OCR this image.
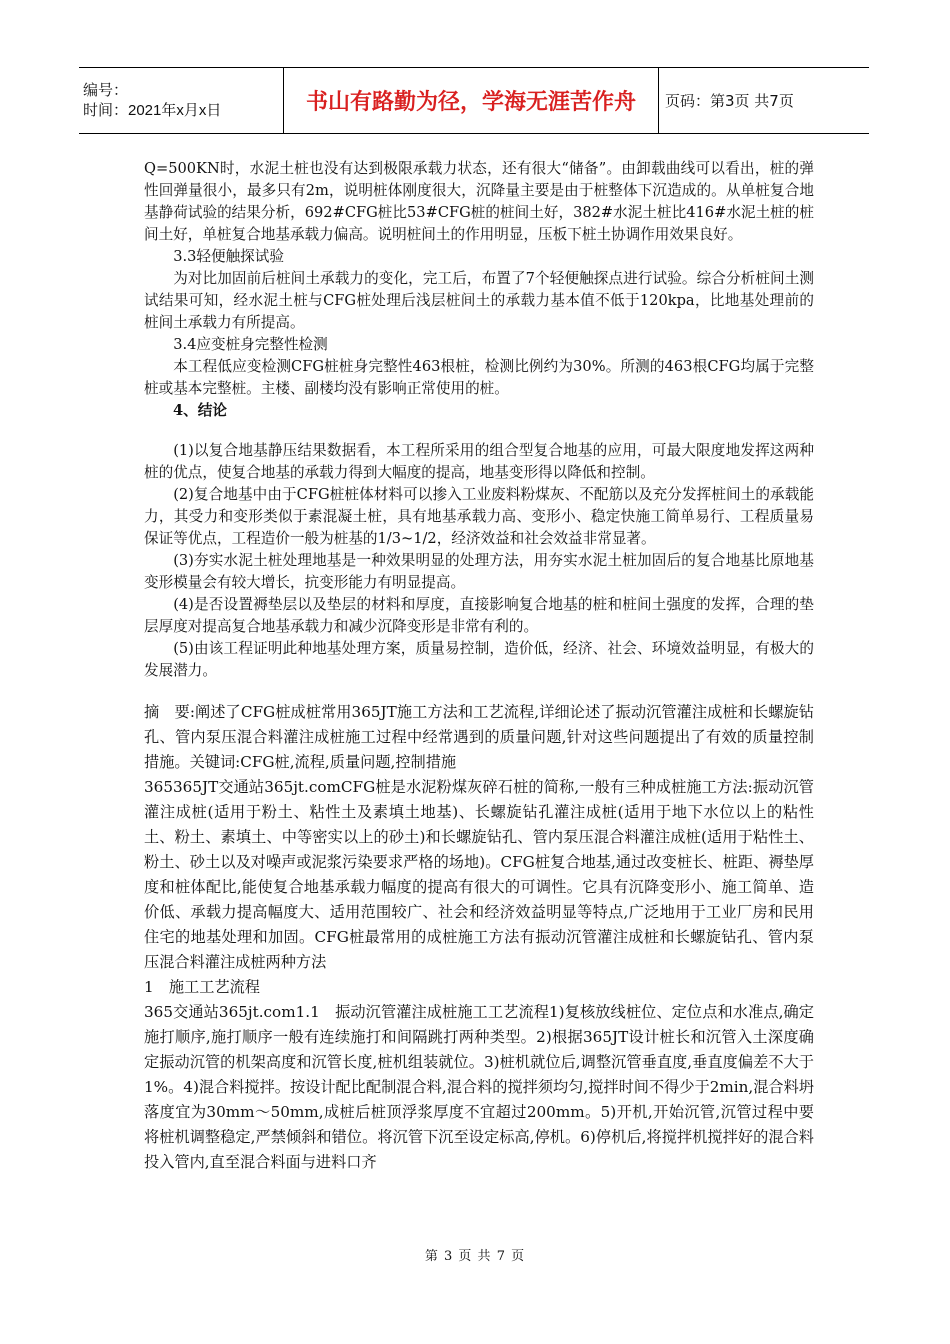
编号：
时间：2021年x月x日	书山有路勤为径，学海无涯苦作舟 页码：第3页 共7页

Q=500KN时，水泥土桩也没有达到极限承载力状态，还有很大“储备”。由卸载曲线可以看出，桩的弹性回弹量很小，最多只有2m，说明桩体刚度很大，沉降量主要是由于桩整体下沉造成的。从单桩复合地基静荷试验的结果分析，692#CFG桩比53#CFG桩的桩间土好，382#水泥土桩比416#水泥土桩的桩间土好，单桩复合地基承载力偏高。说明桩间土的作用明显，压板下桩土协调作用效果良好。

3.3轻便触探试验

为对比加固前后桩间土承载力的变化，完工后，布置了7个轻便触探点进行试验。综合分析桩间土测试结果可知，经水泥土桩与CFG桩处理后浅层桩间土的承载力基本值不低于120kpa，比地基处理前的桩间土承载力有所提高。

3.4应变桩身完整性检测

本工程低应变检测CFG桩桩身完整性463根桩，检测比例约为30%。所测的463根CFG均属于完整桩或基本完整桩。主楼、副楼均没有影响正常使用的桩。

4、结论

(1)以复合地基静压结果数据看，本工程所采用的组合型复合地基的应用，可最大限度地发挥这两种桩的优点，使复合地基的承载力得到大幅度的提高，地基变形得以降低和控制。

(2)复合地基中由于CFG桩桩体材料可以掺入工业废料粉煤灰、不配筋以及充分发挥桩间土的承载能力，其受力和变形类似于素混凝土桩，具有地基承载力高、变形小、稳定快施工简单易行、工程质量易保证等优点，工程造价一般为桩基的1/3~1/2，经济效益和社会效益非常显著。

(3)夯实水泥土桩处理地基是一种效果明显的处理方法，用夯实水泥土桩加固后的复合地基比原地基变形模量会有较大增长，抗变形能力有明显提高。

(4)是否设置褥垫层以及垫层的材料和厚度，直接影响复合地基的桩和桩间土强度的发挥，合理的垫层厚度对提高复合地基承载力和减少沉降变形是非常有利的。

(5)由该工程证明此种地基处理方案，质量易控制，造价低，经济、社会、环境效益明显，有极大的发展潜力。

摘　要:阐述了CFG桩成桩常用365JT施工方法和工艺流程,详细论述了振动沉管灌注成桩和长螺旋钻孔、管内泵压混合料灌注成桩施工过程中经常遇到的质量问题,针对这些问题提出了有效的质量控制措施。关键词:CFG桩,流程,质量问题,控制措施

365365JT交通站365jt.comCFG桩是水泥粉煤灰碎石桩的简称,一般有三种成桩施工方法:振动沉管灌注成桩(适用于粉土、粘性土及素填土地基)、长螺旋钻孔灌注成桩(适用于地下水位以上的粘性土、粉土、素填土、中等密实以上的砂土)和长螺旋钻孔、管内泵压混合料灌注成桩(适用于粘性土、粉土、砂土以及对噪声或泥浆污染要求严格的场地)。CFG桩复合地基,通过改变桩长、桩距、褥垫厚度和桩体配比,能使复合地基承载力幅度的提高有很大的可调性。它具有沉降变形小、施工简单、造价低、承载力提高幅度大、适用范围较广、社会和经济效益明显等特点,广泛地用于工业厂房和民用住宅的地基处理和加固。CFG桩最常用的成桩施工方法有振动沉管灌注成桩和长螺旋钻孔、管内泵压混合料灌注成桩两种方法

1　施工工艺流程

365交通站365jt.com1.1　振动沉管灌注成桩施工工艺流程1)复核放线桩位、定位点和水准点,确定施打顺序,施打顺序一般有连续施打和间隔跳打两种类型。2)根据365JT设计桩长和沉管入土深度确定振动沉管的机架高度和沉管长度,桩机组装就位。3)桩机就位后,调整沉管垂直度,垂直度偏差不大于1%。4)混合料搅拌。按设计配比配制混合料,混合料的搅拌须均匀,搅拌时间不得少于2min,混合料坍落度宜为30mm～50mm,成桩后桩顶浮浆厚度不宜超过200mm。5)开机,开始沉管,沉管过程中要将桩机调整稳定,严禁倾斜和错位。将沉管下沉至设定标高,停机。6)停机后,将搅拌机搅拌好的混合料投入管内,直至混合料面与进料口齐

第 3 页 共 7 页
